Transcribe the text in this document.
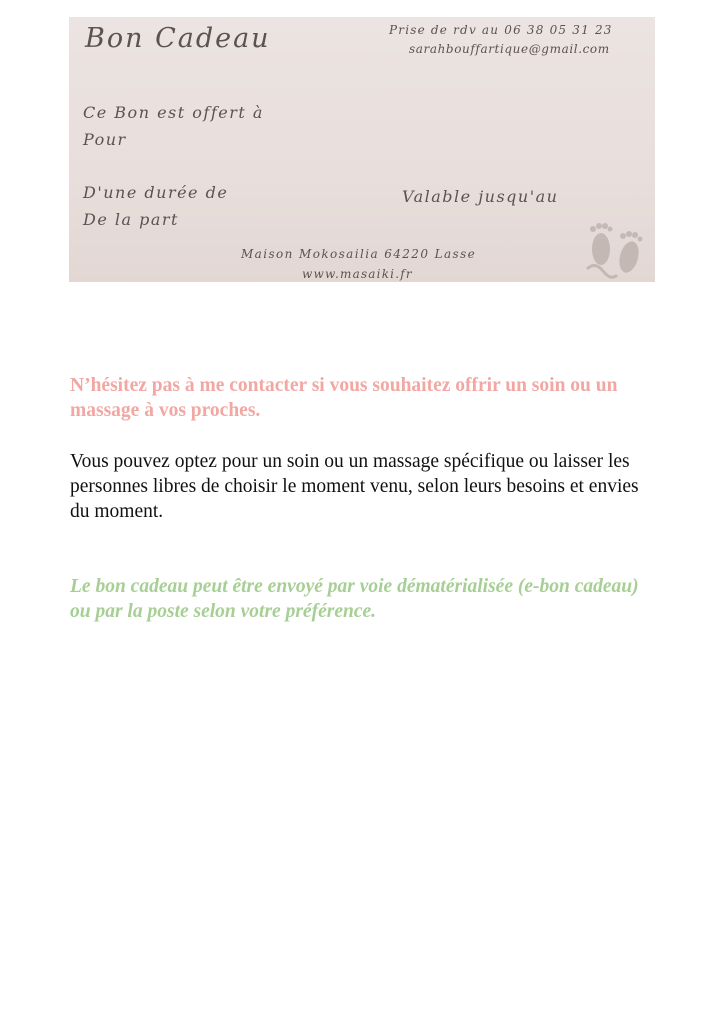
Bon Cadeau	Prise de rdv au 06 38 05 31 23
sarahbouffartique@gmail.com
Ce Bon est offert à
Pour
D'une durée de
De la part
Valable jusqu'au
Maison Mokosailia 64220 Lasse
www.masaiki.fr

N’hésitez pas à me contacter si vous souhaitez offrir un soin ou un massage à vos proches.

Vous pouvez optez pour un soin ou un massage spécifique ou laisser les personnes libres de choisir le moment venu, selon leurs besoins et envies du moment.

Le bon cadeau peut être envoyé par voie dématérialisée (e-bon cadeau) ou par la poste selon votre préférence.
